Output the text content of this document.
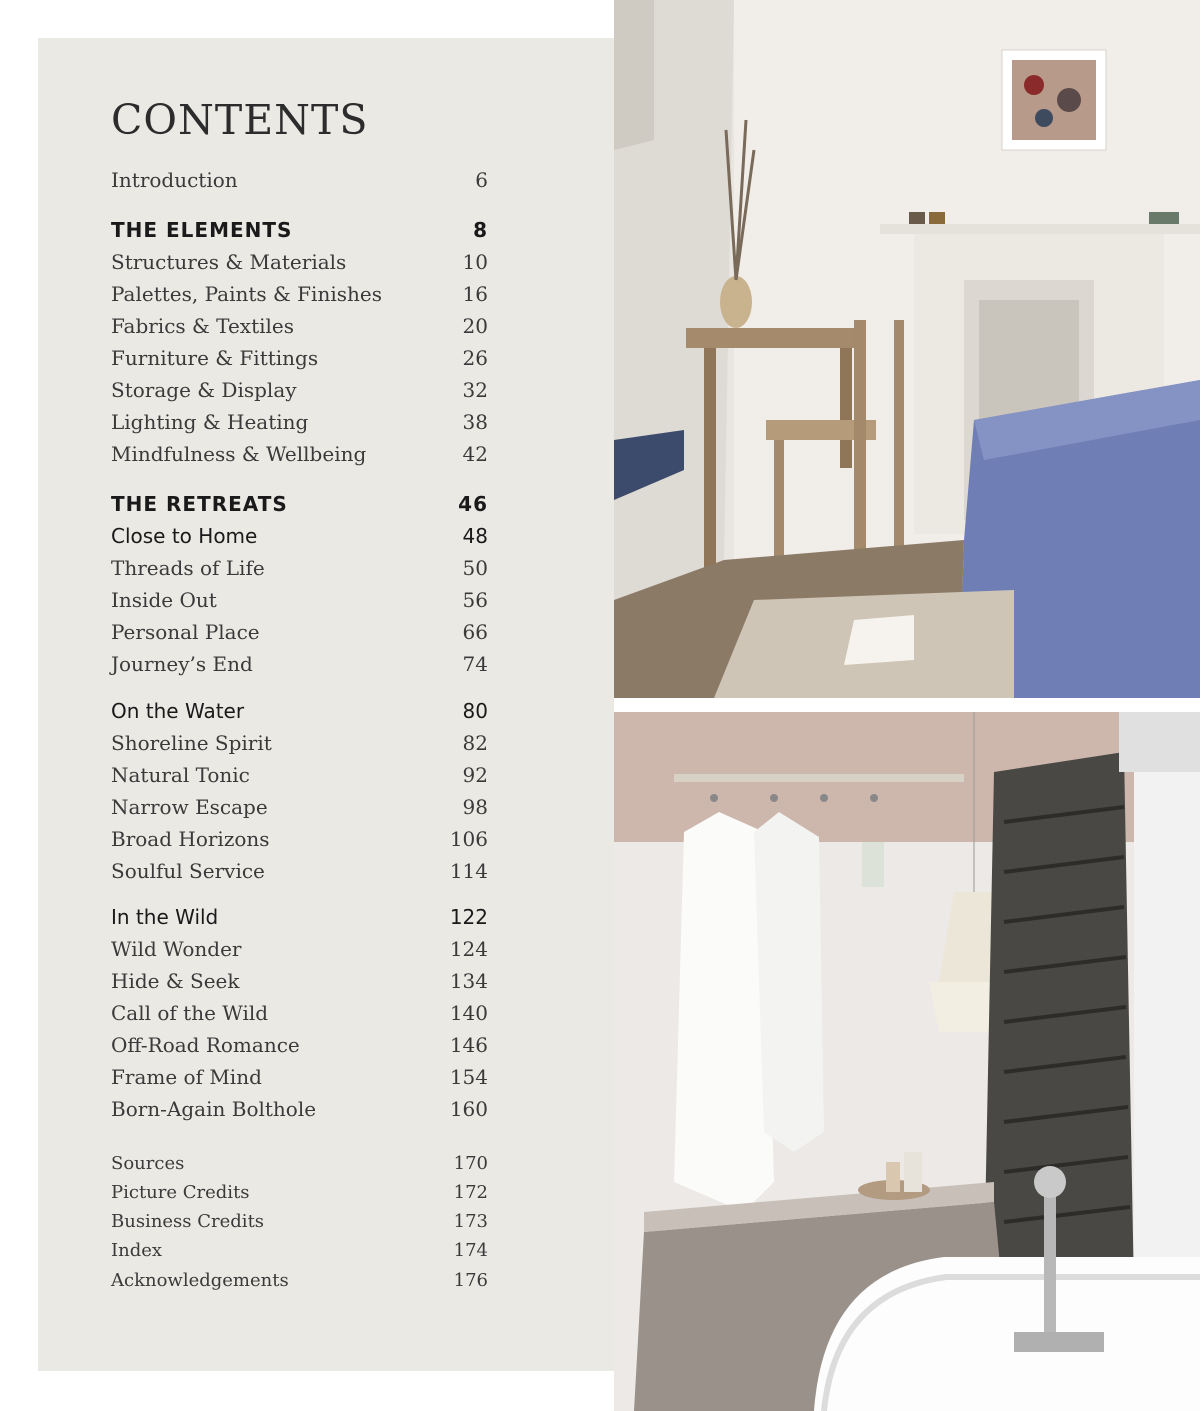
CONTENTS
Introduction	6
THE ELEMENTS	8
Structures & Materials	10
Palettes, Paints & Finishes	16
Fabrics & Textiles	20
Furniture & Fittings	26
Storage & Display	32
Lighting & Heating	38
Mindfulness & Wellbeing	42
THE RETREATS	46
Close to Home	48
Threads of Life	50
Inside Out	56
Personal Place	66
Journey’s End	74
On the Water	80
Shoreline Spirit	82
Natural Tonic	92
Narrow Escape	98
Broad Horizons	106
Soulful Service	114
In the Wild	122
Wild Wonder	124
Hide & Seek	134
Call of the Wild	140
Off-Road Romance	146
Frame of Mind	154
Born-Again Bolthole	160
Sources	170
Picture Credits	172
Business Credits	173
Index	174
Acknowledgements	176
